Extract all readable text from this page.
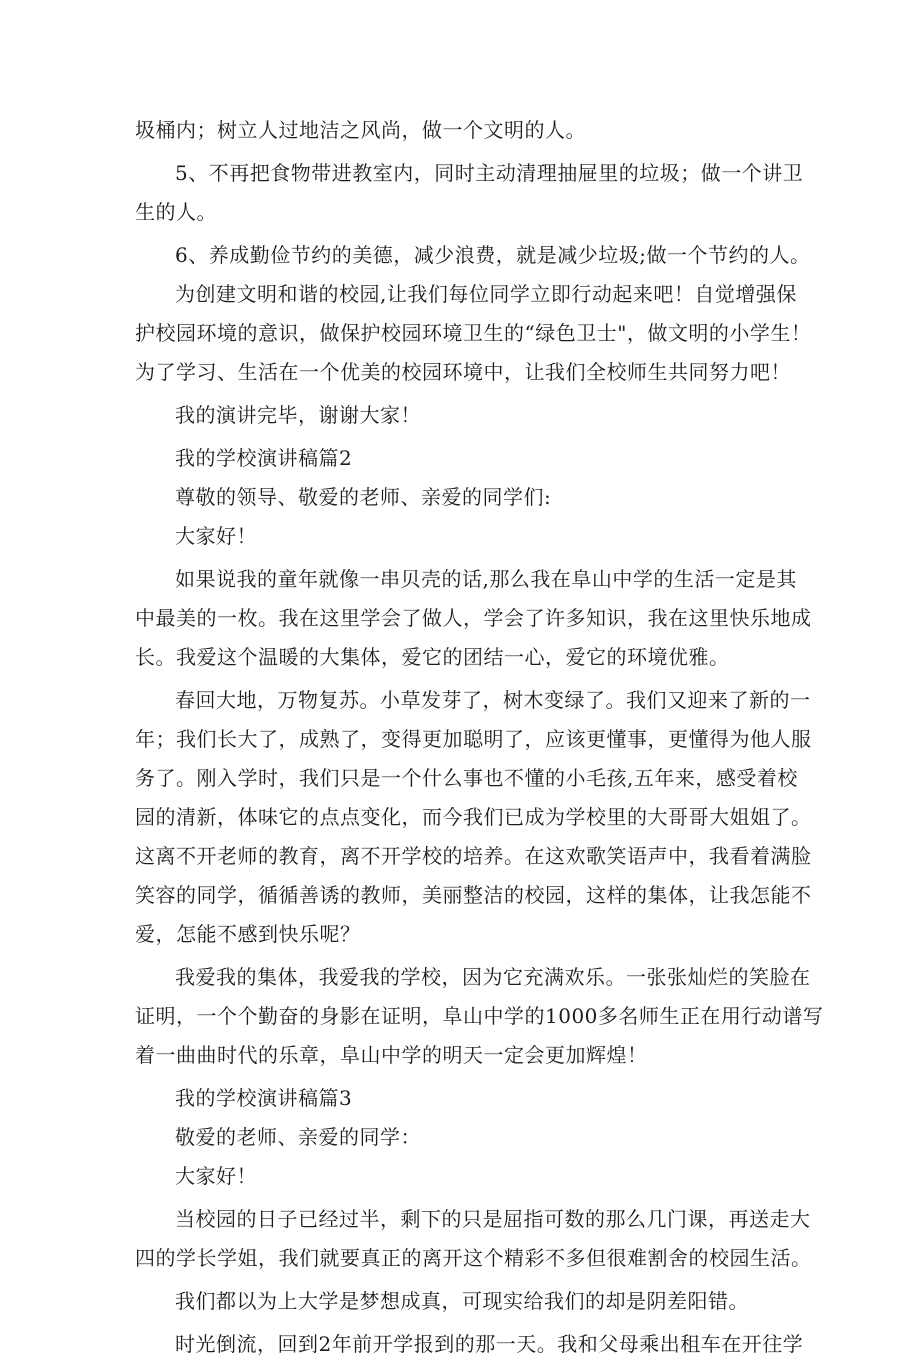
圾桶内；树立人过地洁之风尚，做一个文明的人。

5、不再把食物带进教室内，同时主动清理抽屉里的垃圾；做一个讲卫

生的人。

6、养成勤俭节约的美德，减少浪费，就是减少垃圾;做一个节约的人。

为创建文明和谐的校园,让我们每位同学立即行动起来吧！自觉增强保

护校园环境的意识，做保护校园环境卫生的“绿色卫士"，做文明的小学生！

为了学习、生活在一个优美的校园环境中，让我们全校师生共同努力吧！

我的演讲完毕，谢谢大家！

我的学校演讲稿篇2

尊敬的领导、敬爱的老师、亲爱的同学们:

大家好！

如果说我的童年就像一串贝壳的话,那么我在阜山中学的生活一定是其

中最美的一枚。我在这里学会了做人，学会了许多知识，我在这里快乐地成

长。我爱这个温暖的大集体，爱它的团结一心，爱它的环境优雅。

春回大地，万物复苏。小草发芽了，树木变绿了。我们又迎来了新的一

年；我们长大了，成熟了，变得更加聪明了，应该更懂事，更懂得为他人服

务了。刚入学时，我们只是一个什么事也不懂的小毛孩,五年来，感受着校

园的清新，体味它的点点变化，而今我们已成为学校里的大哥哥大姐姐了。

这离不开老师的教育，离不开学校的培养。在这欢歌笑语声中，我看着满脸

笑容的同学，循循善诱的教师，美丽整洁的校园，这样的集体，让我怎能不

爱，怎能不感到快乐呢？

我爱我的集体，我爱我的学校，因为它充满欢乐。一张张灿烂的笑脸在

证明，一个个勤奋的身影在证明，阜山中学的1000多名师生正在用行动谱写

着一曲曲时代的乐章，阜山中学的明天一定会更加辉煌！

我的学校演讲稿篇3

敬爱的老师、亲爱的同学：

大家好！

当校园的日子已经过半，剩下的只是屈指可数的那么几门课，再送走大

四的学长学姐，我们就要真正的离开这个精彩不多但很难割舍的校园生活。

我们都以为上大学是梦想成真，可现实给我们的却是阴差阳错。

时光倒流，回到2年前开学报到的那一天。我和父母乘出租车在开往学
